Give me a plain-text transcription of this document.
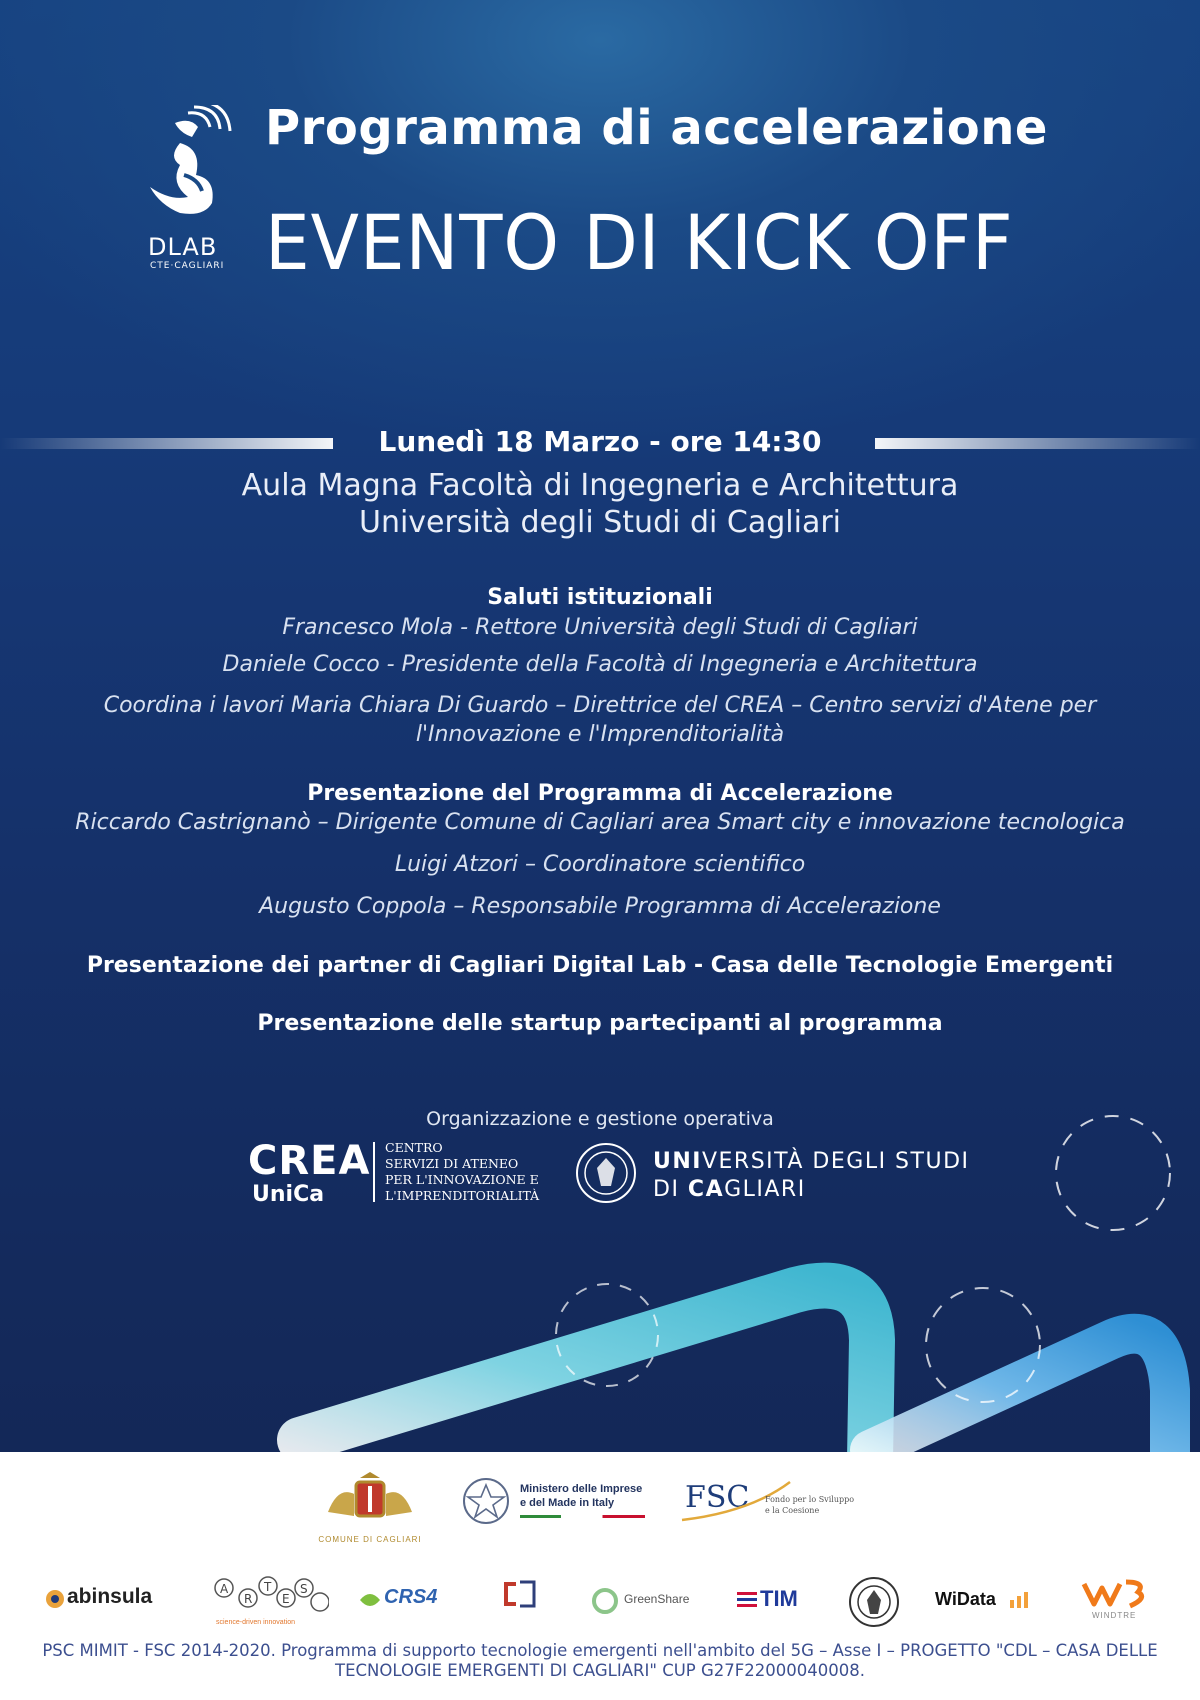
DLAB
CTE·CAGLIARI
Programma di accelerazione
EVENTO DI KICK OFF
Lunedì 18 Marzo - ore 14:30
Aula Magna Facoltà di Ingegneria e Architettura
Università degli Studi di Cagliari
Saluti istituzionali
Francesco Mola - Rettore Università degli Studi di Cagliari
Daniele Cocco - Presidente della Facoltà di Ingegneria e Architettura
Coordina i lavori Maria Chiara Di Guardo – Direttrice del CREA – Centro servizi d'Atene per
l'Innovazione e l'Imprenditorialità
Presentazione del Programma di Accelerazione
Riccardo Castrignanò – Dirigente Comune di Cagliari area Smart city e innovazione tecnologica
Luigi Atzori – Coordinatore scientifico
Augusto Coppola – Responsabile Programma di Accelerazione
Presentazione dei partner di Cagliari Digital Lab - Casa delle Tecnologie Emergenti
Presentazione delle startup partecipanti al programma
Organizzazione e gestione operativa
CREA
UniCa
CENTRO
SERVIZI DI ATENEO
PER L'INNOVAZIONE E
L'IMPRENDITORIALITÀ
UNIVERSITÀ DEGLI STUDI
DI CAGLIARI
COMUNE DI CAGLIARI
Ministero delle Imprese
e del Made in Italy FSC Fondo per lo Sviluppo
e la Coesione
abinsula	A
R
T
E
S
science-driven innovation
CRS4	GreenShare	TIM	WiData
WINDTRE
PSC MIMIT - FSC 2014-2020. Programma di supporto tecnologie emergenti nell'ambito del 5G – Asse I – PROGETTO "CDL – CASA DELLE
TECNOLOGIE EMERGENTI DI CAGLIARI" CUP G27F22000040008.
